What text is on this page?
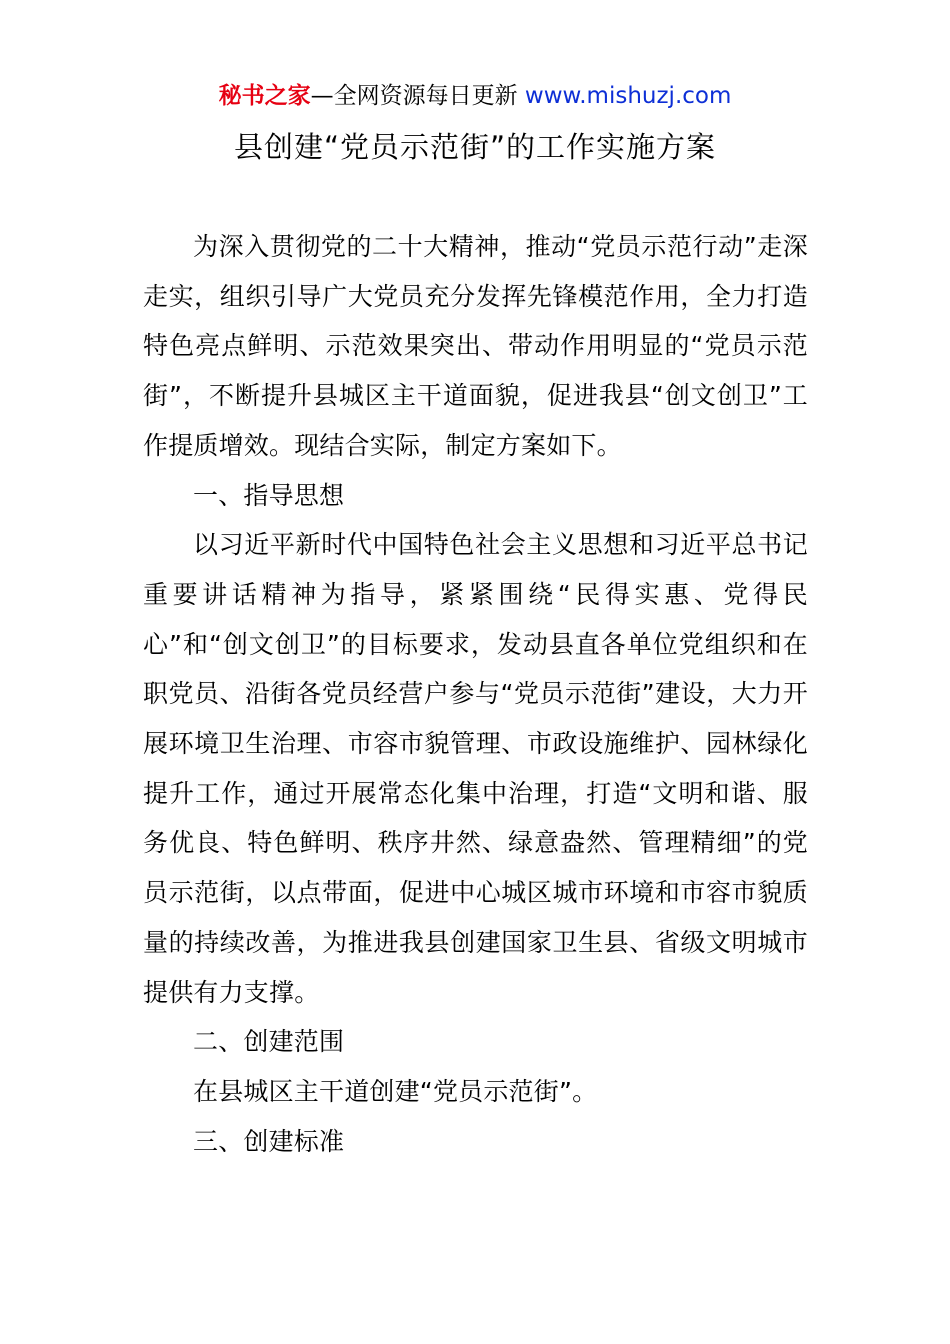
秘书之家—全网资源每日更新 www.mishuzj.com
县创建“党员示范街”的工作实施方案

为深入贯彻党的二十大精神，推动“党员示范行动”走深走实，组织引导广大党员充分发挥先锋模范作用，全力打造特色亮点鲜明、示范效果突出、带动作用明显的“党员示范街”，不断提升县城区主干道面貌，促进我县“创文创卫”工作提质增效。现结合实际，制定方案如下。

一、指导思想

以习近平新时代中国特色社会主义思想和习近平总书记重要讲话精神为指导，紧紧围绕“民得实惠、党得民心”和“创文创卫”的目标要求，发动县直各单位党组织和在职党员、沿街各党员经营户参与“党员示范街”建设，大力开展环境卫生治理、市容市貌管理、市政设施维护、园林绿化提升工作，通过开展常态化集中治理，打造“文明和谐、服务优良、特色鲜明、秩序井然、绿意盎然、管理精细”的党员示范街，以点带面，促进中心城区城市环境和市容市貌质量的持续改善，为推进我县创建国家卫生县、省级文明城市提供有力支撑。

二、创建范围

在县城区主干道创建“党员示范街”。

三、创建标准
